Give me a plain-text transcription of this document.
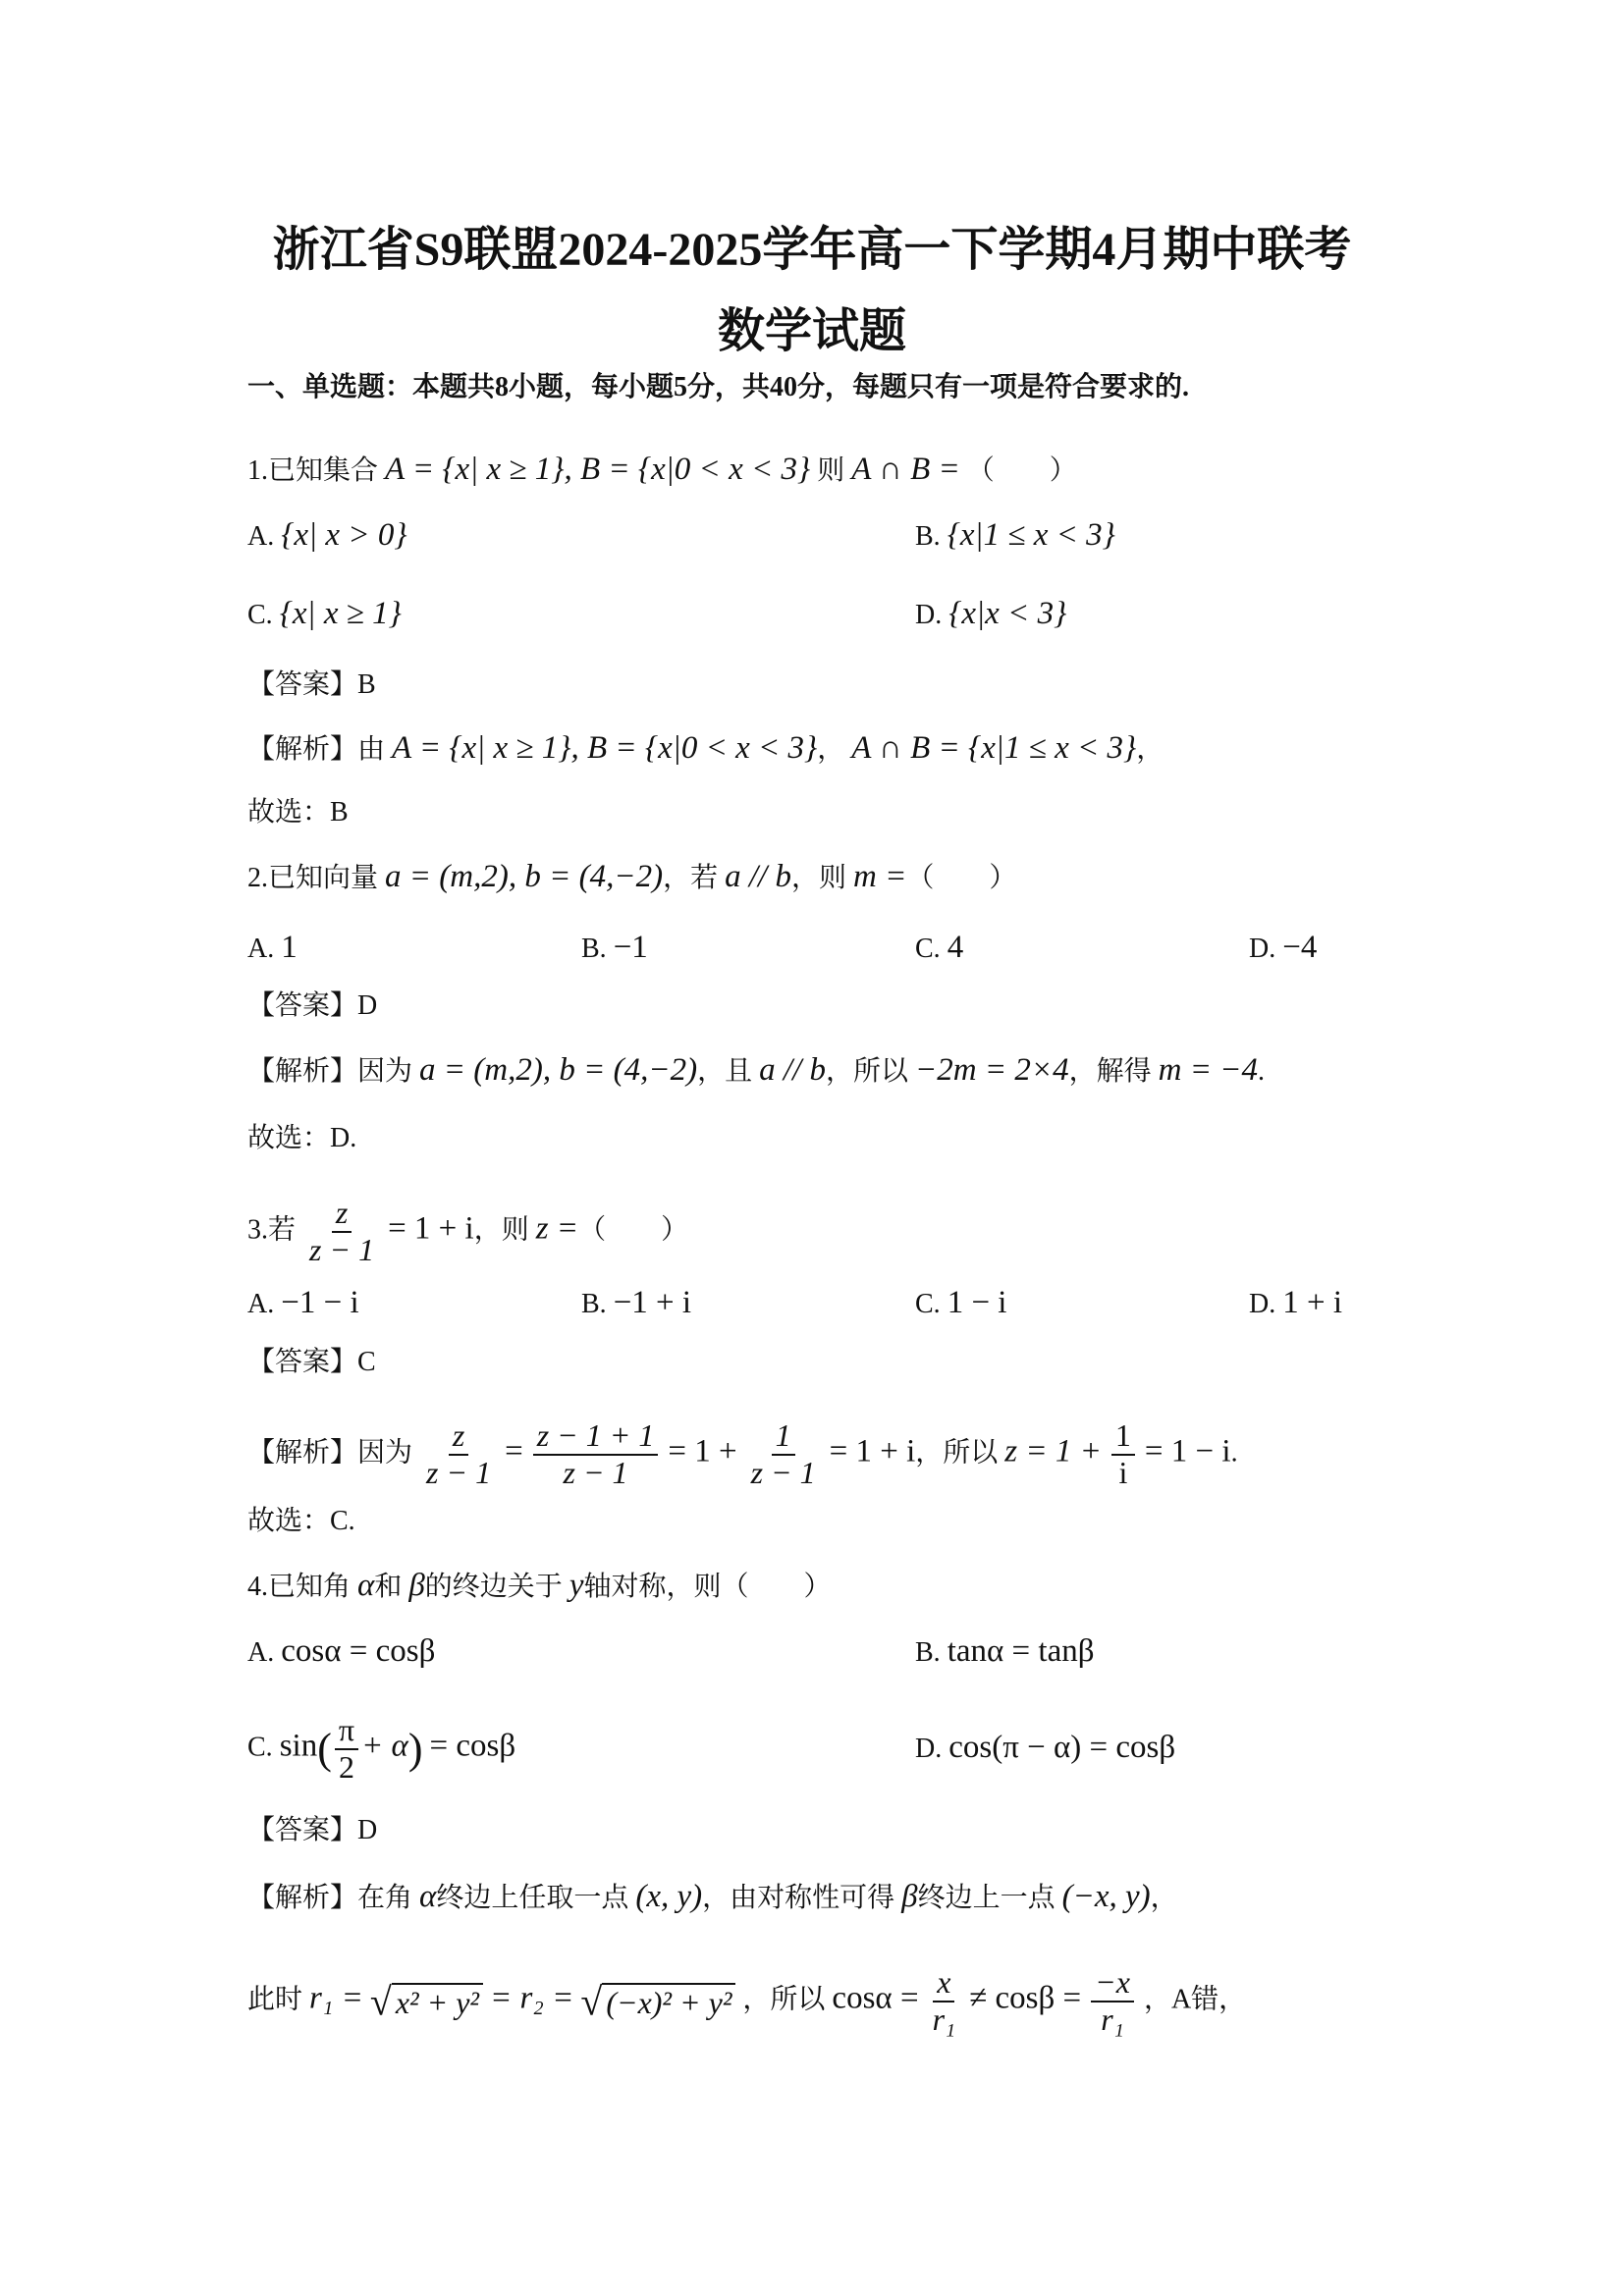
浙江省S9联盟2024-2025学年高一下学期4月期中联考
数学试题
一、单选题：本题共8小题，每小题5分，共40分，每题只有一项是符合要求的.
1.已知集合 A = {x| x ≥ 1}, B = {x|0 < x < 3} 则 A ∩ B = （　　）
A. {x| x > 0}	B. {x|1 ≤ x < 3}
C. {x| x ≥ 1}	D. {x|x < 3}
【答案】B
【解析】由 A = {x| x ≥ 1}, B = {x|0 < x < 3}， A ∩ B = {x|1 ≤ x < 3}，
故选：B
2.已知向量 a = (m,2), b = (4,−2)，若 a // b，则 m =（　　）
A. 1	B. −1	C. 4	D. −4
【答案】D
【解析】因为 a = (m,2), b = (4,−2)，且 a // b，所以 −2m = 2×4，解得 m = −4.
故选：D.
3.若 $\frac{z}{z - 1} = 1 + i$，则 z =（　　）
A. −1 − i	B. −1 + i	C. 1 − i	D. 1 + i
【答案】C
【解析】因为 $\frac{z}{z - 1} = \frac{z - 1 + 1}{z - 1} = 1 + \frac{1}{z - 1} = 1 + i$，所以 $z = 1 + \frac{1}{i} = 1 - i$.
故选：C.
4.已知角 α和 β的终边关于 y轴对称，则（　　）
A. cosα = cosβ	B. tanα = tanβ
C. $\sin( \frac{\pi}{2} + \alpha) = \cos\beta$	D. cos(π − α) = cosβ
【答案】D
【解析】在角 α终边上任取一点 (x, y)，由对称性可得 β终边上一点 (−x, y)，
此时 r₁ = √ x² + y² = r₂ = √ (−x)² + y² ，所以 $\cos\alpha = \frac{x}{\text{r₁}} \ne \cos\beta = \frac{-x}{\text{r₁}}$ ，A错，
